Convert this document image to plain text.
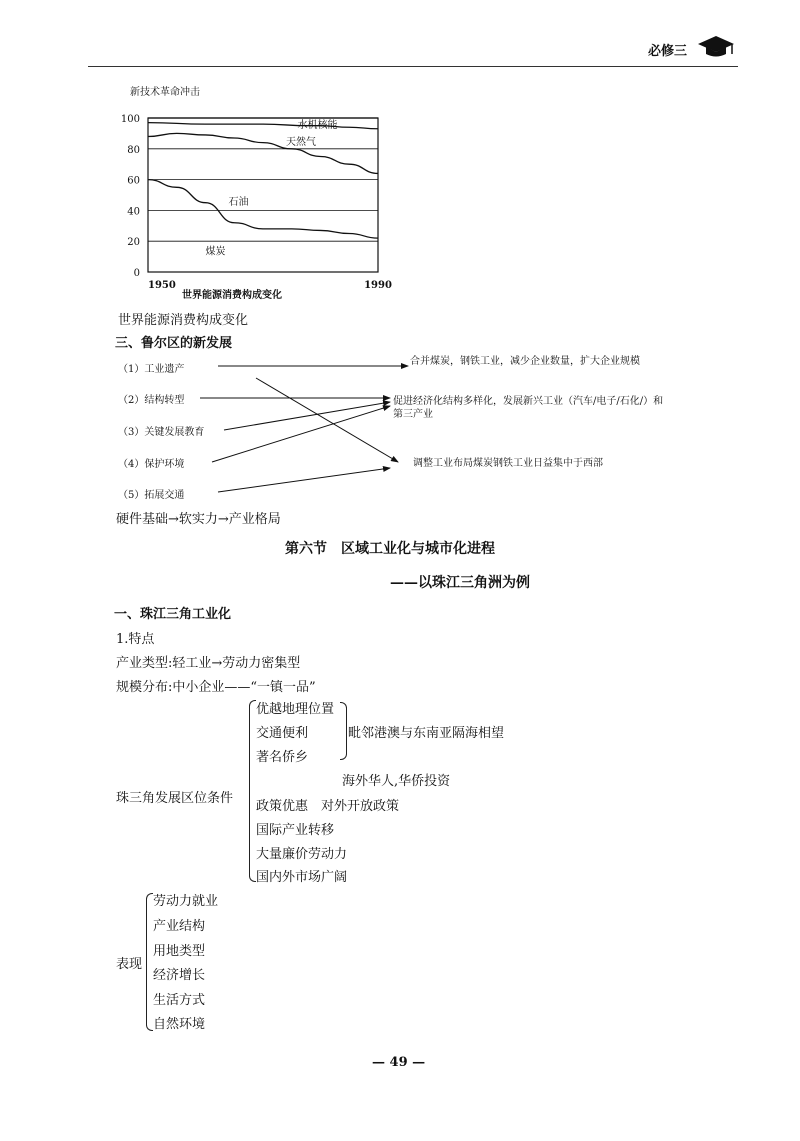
必修三
新技术革命冲击
0
20
40
60
80
100
1950	1990
煤炭
石油
天然气
水机核能
世界能源消费构成变化
世界能源消费构成变化
三、鲁尔区的新发展
（1）工业遗产
（2）结构转型
（3）关键发展教育
（4）保护环境
（5）拓展交通
合并煤炭，钢铁工业，减少企业数量，扩大企业规模
促进经济化结构多样化，发展新兴工业（汽车/电子/石化/）和
第三产业
调整工业布局煤炭钢铁工业日益集中于西部
硬件基础→软实力→产业格局
第六节　区域工业化与城市化进程
——以珠江三角洲为例
一、珠江三角工业化
1.特点
产业类型:轻工业→劳动力密集型
规模分布:中小企业——“一镇一品”
珠三角发展区位条件
优越地理位置
交通便利
著名侨乡
毗邻港澳与东南亚隔海相望
海外华人,华侨投资
政策优惠　对外开放政策
国际产业转移
大量廉价劳动力
国内外市场广阔
表现
劳动力就业
产业结构
用地类型
经济增长
生活方式
自然环境
— 49 —
